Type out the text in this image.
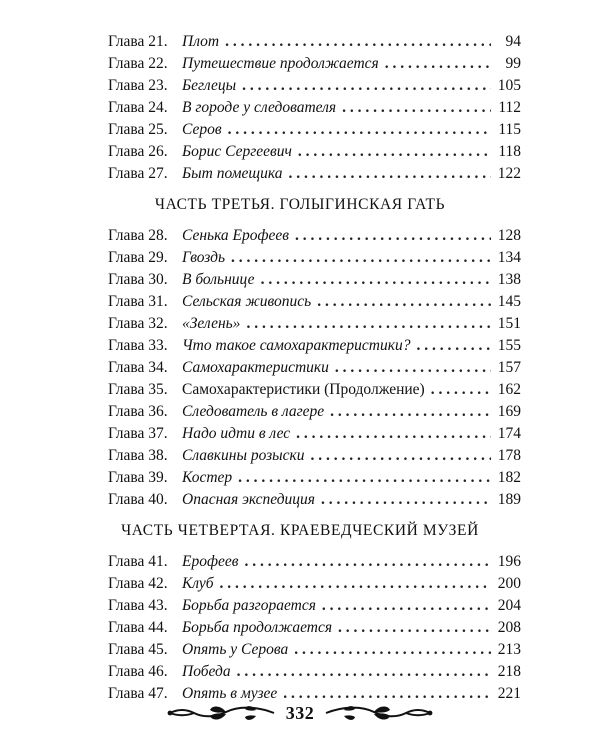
Глава 21. Плот . . .	94
Глава 22. Путешествие продолжается . . .	99
Глава 23. Беглецы . . .	105
Глава 24. В городе у следователя . . .	112
Глава 25. Серов . . .	115
Глава 26. Борис Сергеевич . . .	118
Глава 27. Быт помещика . . .	122
ЧАСТЬ ТРЕТЬЯ. ГОЛЫГИНСКАЯ ГАТЬ
Глава 28. Сенька Ерофеев . . .	128
Глава 29. Гвоздь . . .	134
Глава 30. В больнице . . .	138
Глава 31. Сельская живопись . . .	145
Глава 32. «Зелень» . . .	151
Глава 33. Что такое самохарактеристики? . . .	155
Глава 34. Самохарактеристики . . .	157
Глава 35. Самохарактеристики (Продолжение) . . .	162
Глава 36. Следователь в лагере . . .	169
Глава 37. Надо идти в лес . . .	174
Глава 38. Славкины розыски . . .	178
Глава 39. Костер . . .	182
Глава 40. Опасная экспедиция . . .	189
ЧАСТЬ ЧЕТВЕРТАЯ. КРАЕВЕДЧЕСКИЙ МУЗЕЙ
Глава 41. Ерофеев . . .	196
Глава 42. Клуб . . .	200
Глава 43. Борьба разгорается . . .	204
Глава 44. Борьба продолжается . . .	208
Глава 45. Опять у Серова . . .	213
Глава 46. Победа . . .	218
Глава 47. Опять в музее . . .	221
332
